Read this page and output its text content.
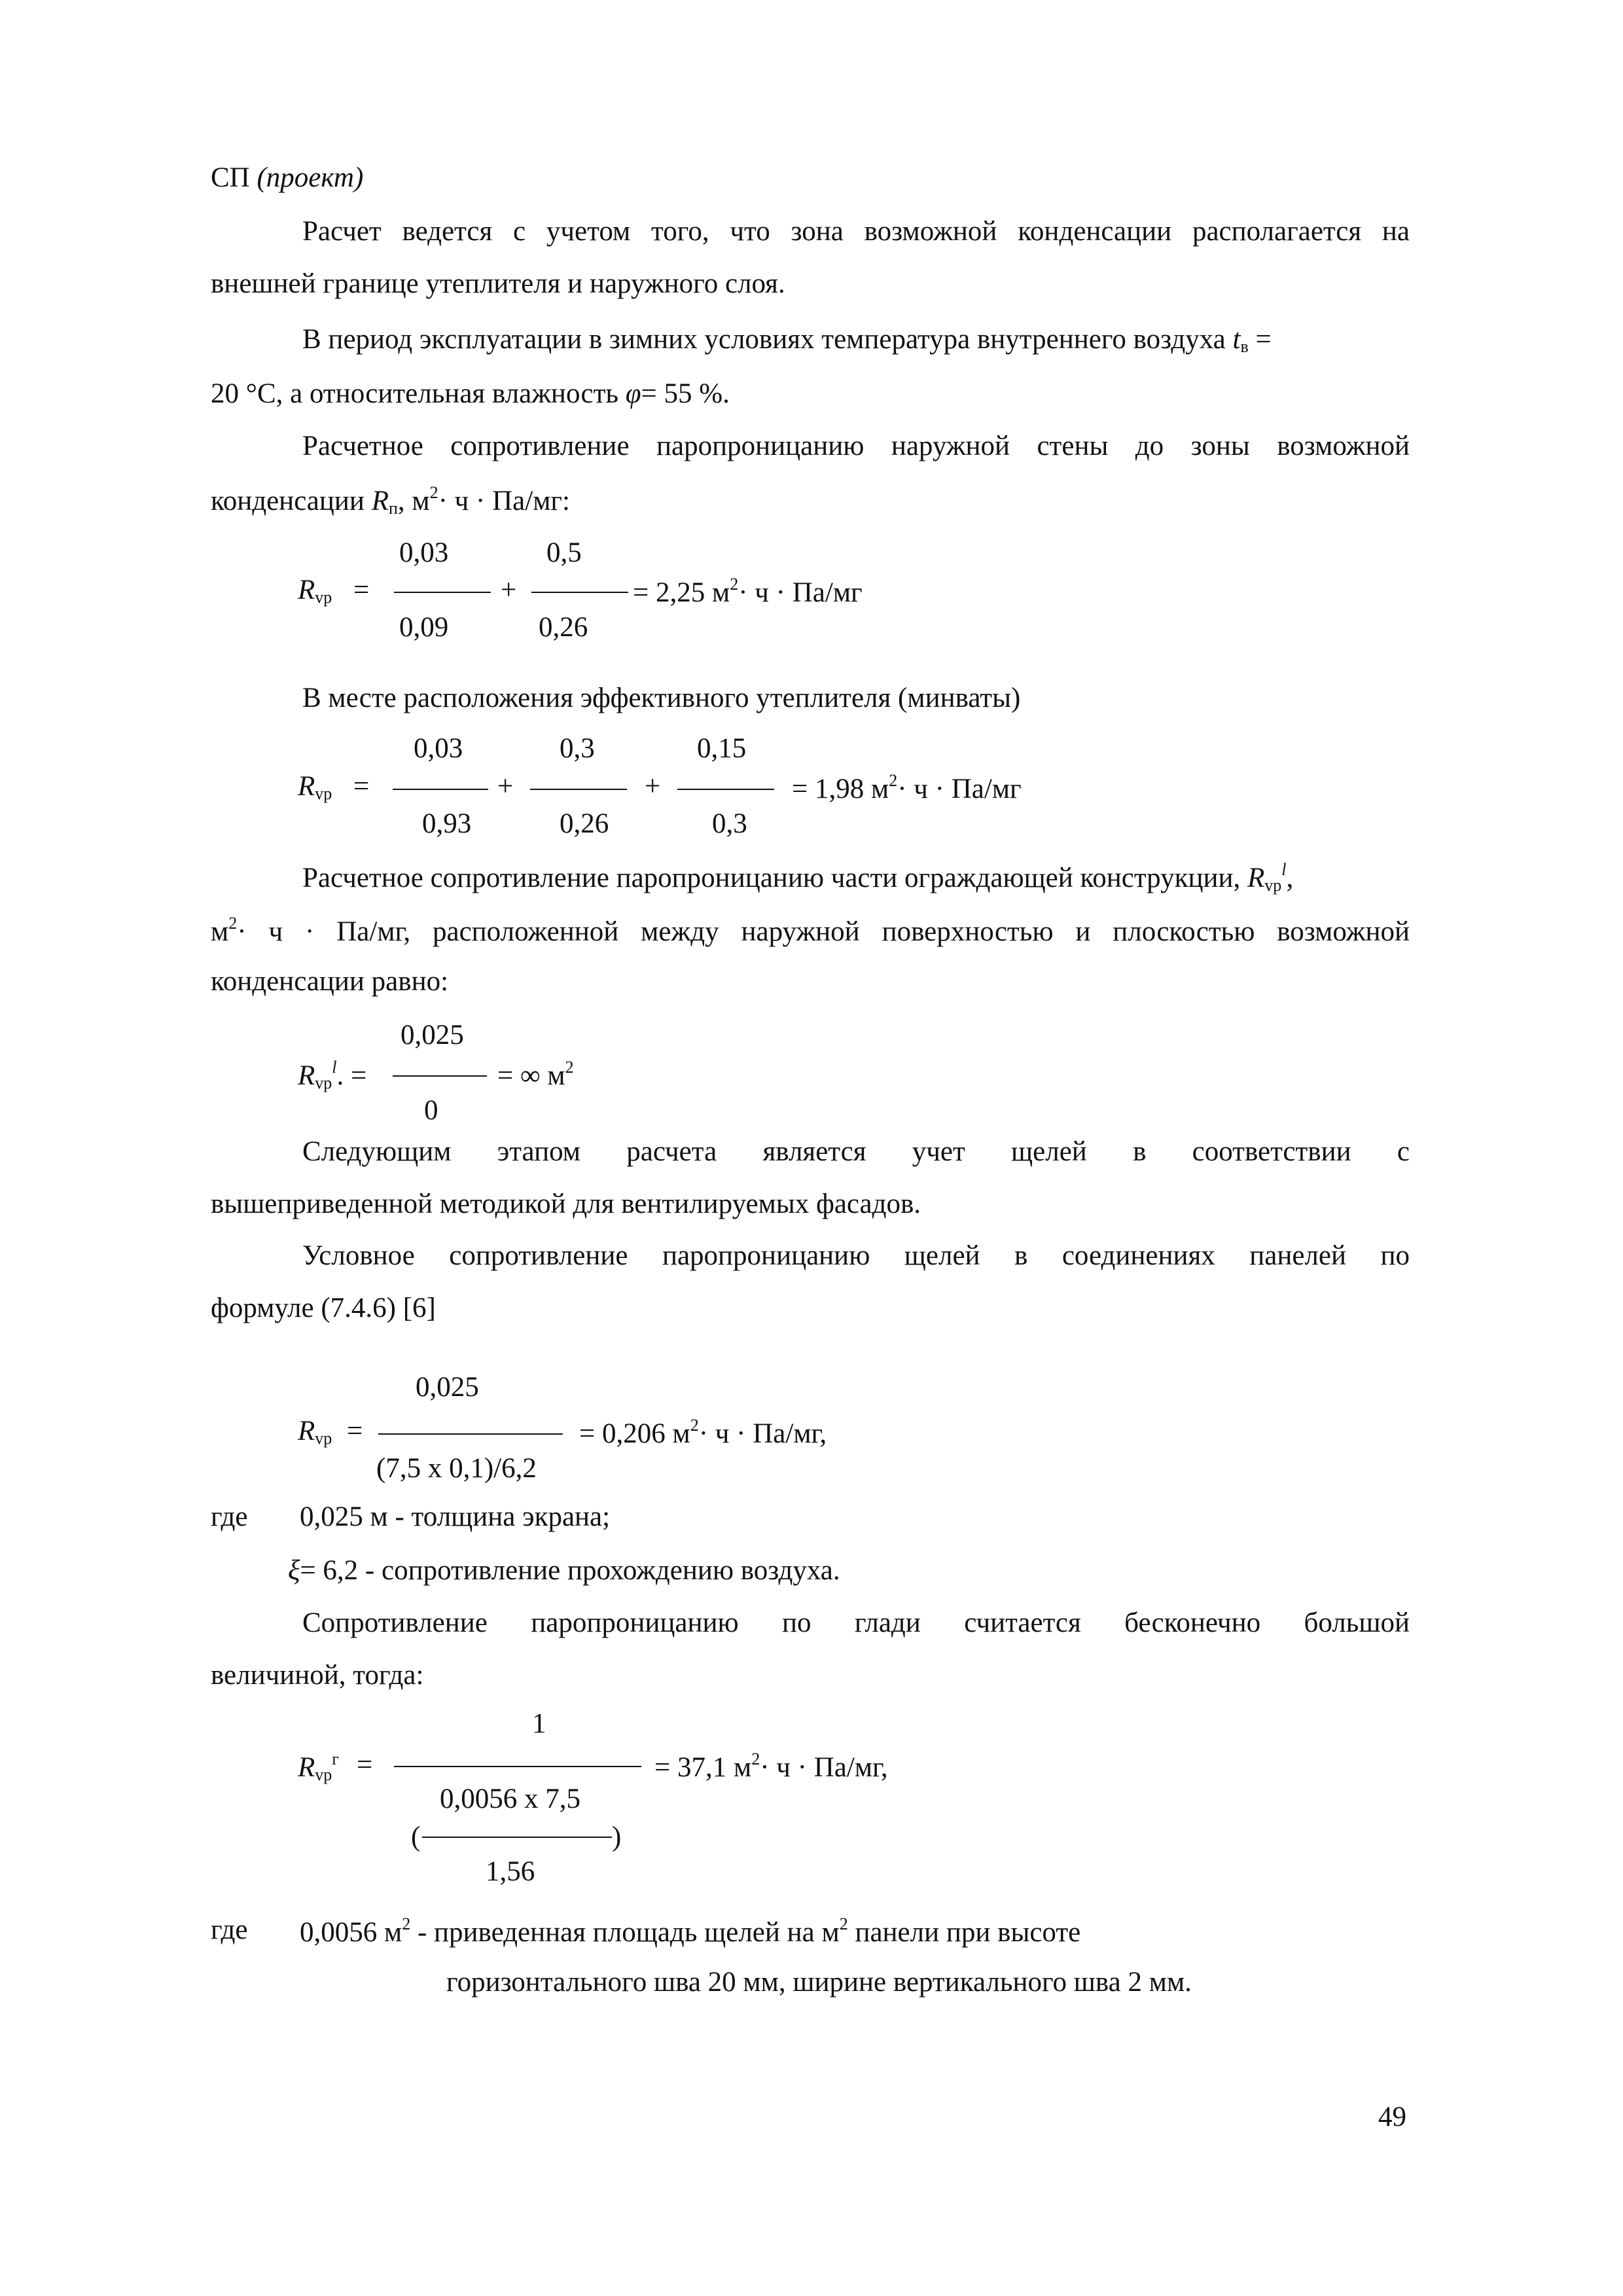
СП (проект)
Расчет ведется с учетом того, что зона возможной конденсации располагается на
внешней границе утеплителя и наружного слоя.
В период эксплуатации в зимних условиях температура внутреннего воздуха $t_в$ =
20 °С, а относительная влажность φ= 55 %.
Расчетное сопротивление паропроницанию наружной стены до зоны возможной
конденсации $R_п$, $м^2\cdot ч \cdot Па/мг$:
$R_{vp}$ =
0,03
0,09
+
0,5
0,26
= 2,25 $м^2\cdot ч \cdot Па/мг$
В месте расположения эффективного утеплителя (минваты)
$R_{vp}$ =
0,03
0,93
+
0,3
0,26
+
0,15
0,3
= 1,98 $м^2\cdot ч \cdot Па/мг$
Расчетное сопротивление паропроницанию части ограждающей конструкции, $R_{vp}^l$,
$м^2\cdot ч \cdot Па/мг$, расположенной между наружной поверхностью и плоскостью возможной
конденсации равно:
$R_{vp}^l$. =
0,025
0
= ∞ $м^2$
Следующим этапом расчета является учет щелей в соответствии с
вышеприведенной методикой для вентилируемых фасадов.
Условное сопротивление паропроницанию щелей в соединениях панелей по
формуле (7.4.6) [6]
$R_{vp}$ =
0,025
(7,5 х 0,1)/6,2
= 0,206 $м^2\cdot ч \cdot Па/мг$,
где 0,025 м - толщина экрана;
ξ= 6,2 - сопротивление прохождению воздуха.
Сопротивление паропроницанию по глади считается бесконечно большой
величиной, тогда:
$R_{vp}^г$ =
1
0,0056 х 7,5
(	)
1,56
= 37,1 $м^2\cdot ч \cdot Па/мг$,
где 0,0056 $м^2$ - приведенная площадь щелей на $м^2$ панели при высоте
горизонтального шва 20 мм, ширине вертикального шва 2 мм.
49
